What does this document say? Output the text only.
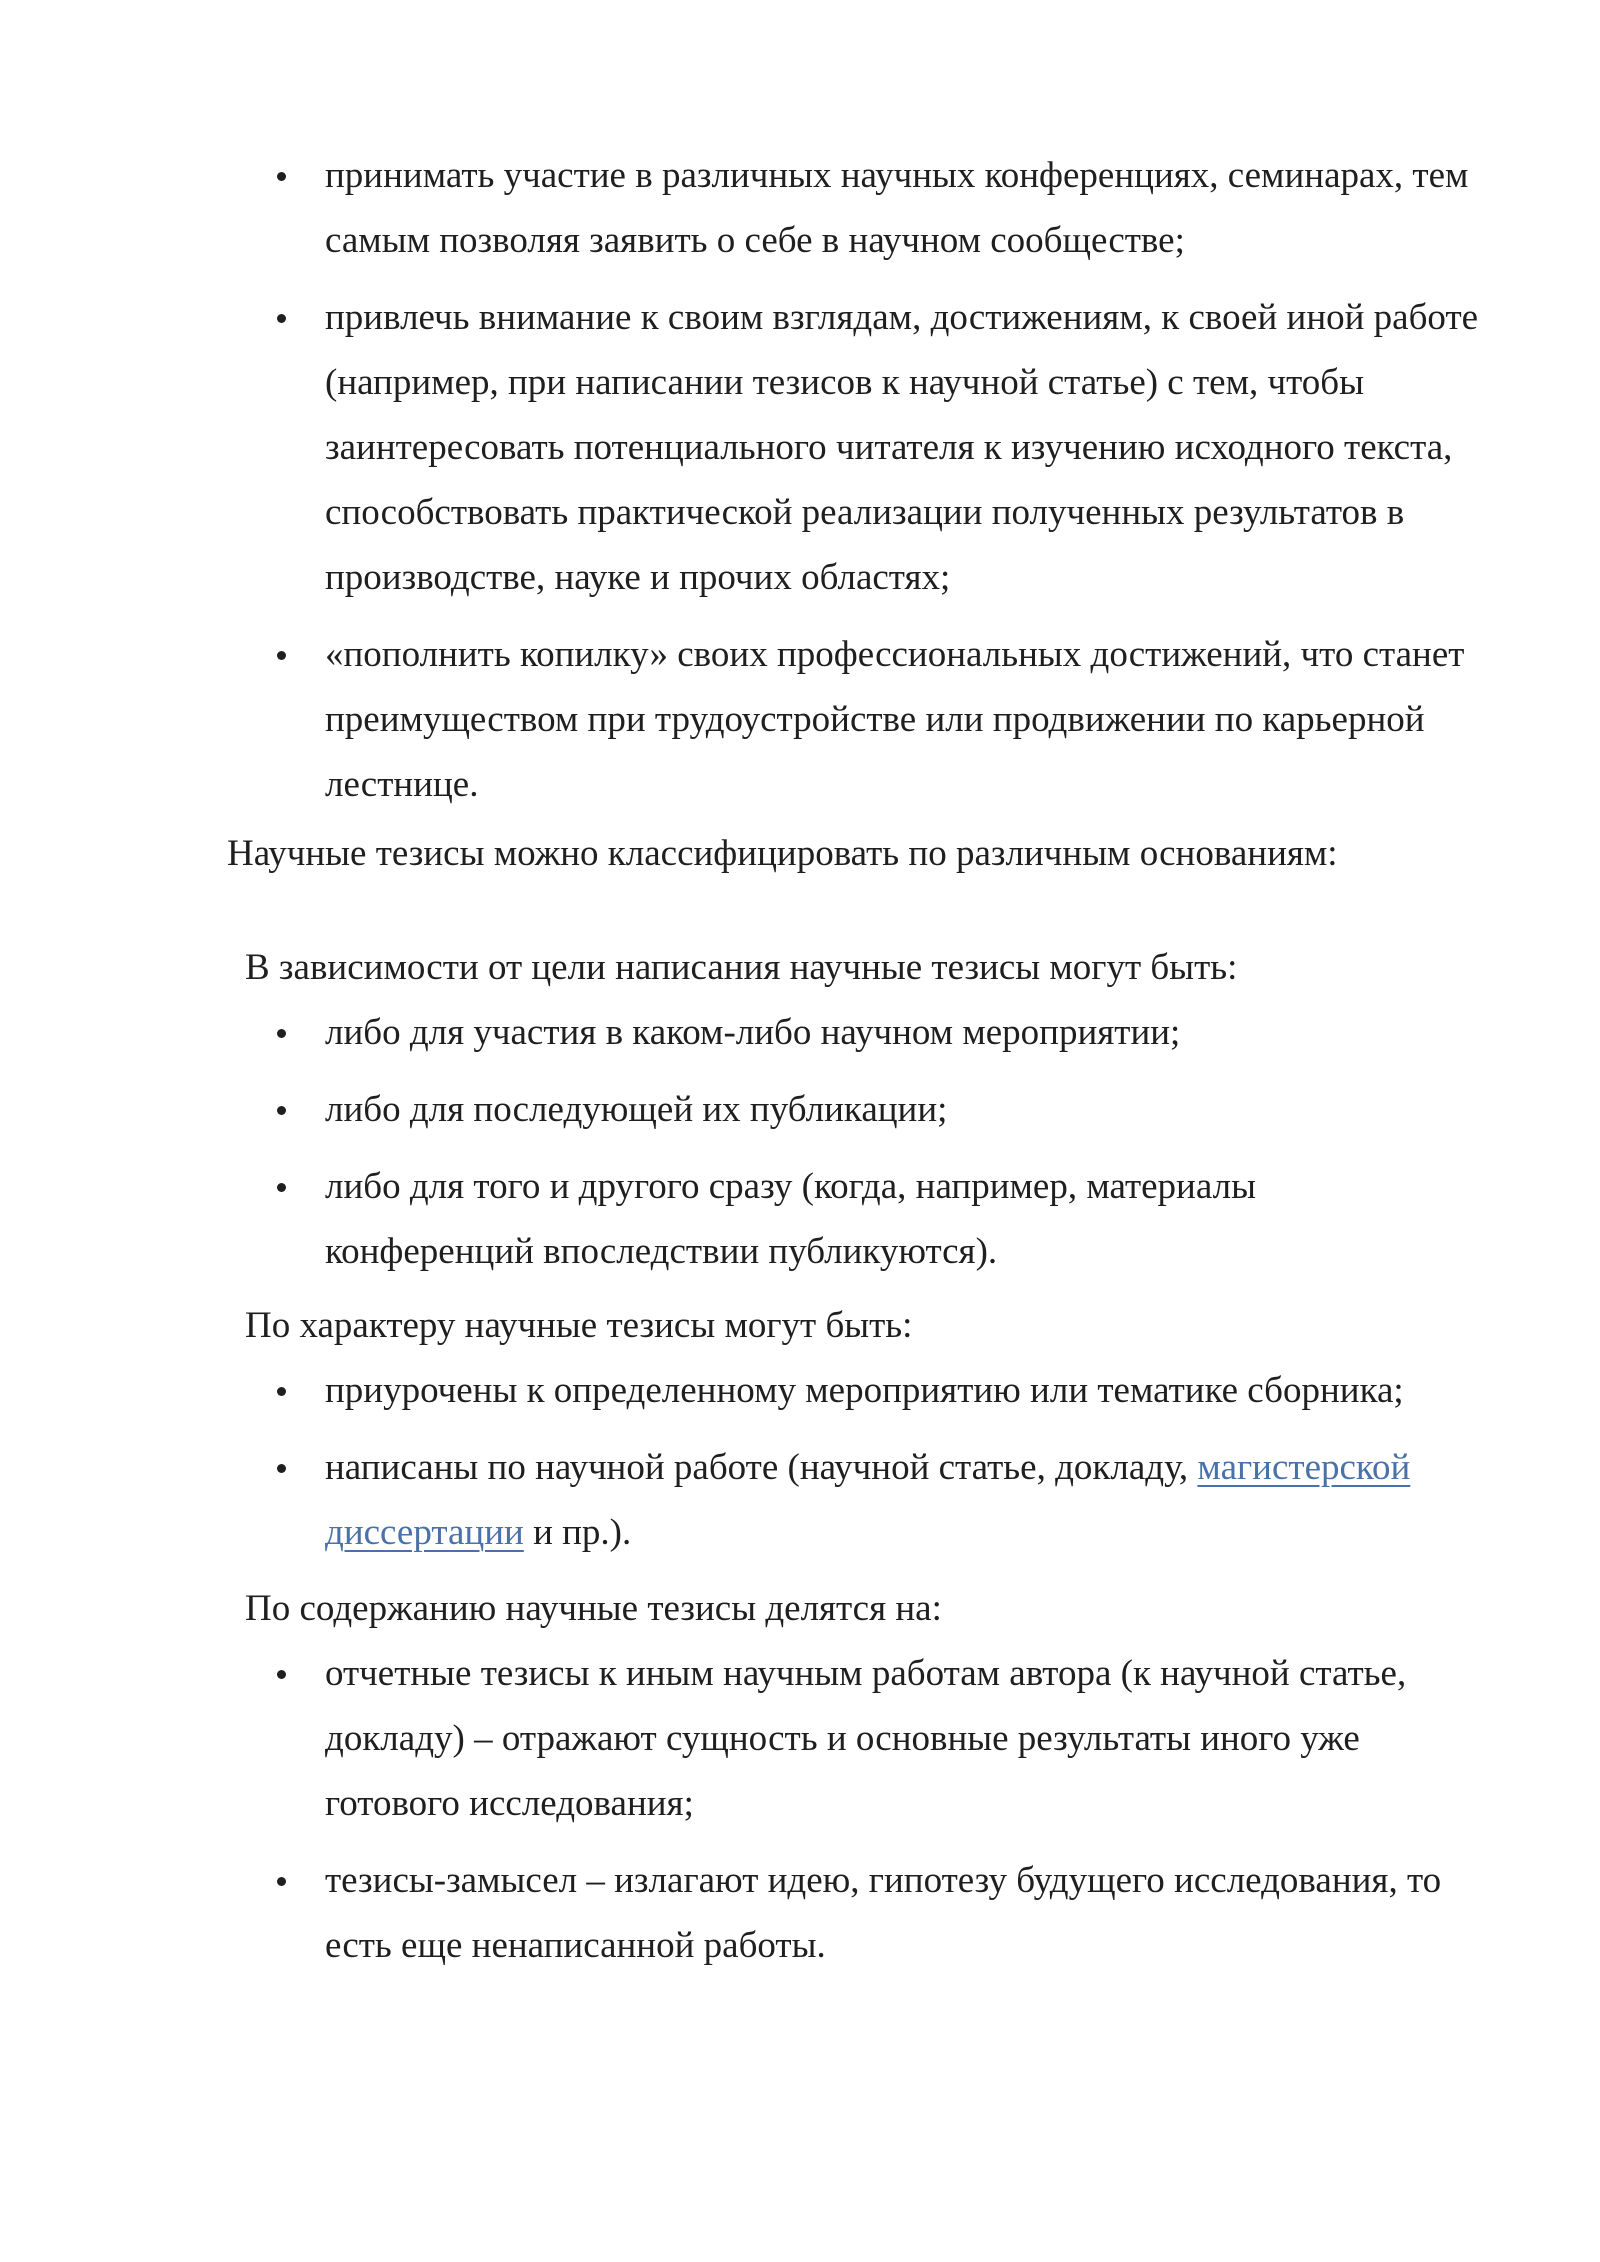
принимать участие в различных научных конференциях, семинарах, тем самым позволяя заявить о себе в научном сообществе;
привлечь внимание к своим взглядам, достижениям, к своей иной работе (например, при написании тезисов к научной статье) с тем, чтобы заинтересовать потенциального читателя к изучению исходного текста, способствовать практической реализации полученных результатов в производстве, науке и прочих областях;
«пополнить копилку» своих профессиональных достижений, что станет преимуществом при трудоустройстве или продвижении по карьерной лестнице.
Научные тезисы можно классифицировать по различным основаниям:
В зависимости от цели написания научные тезисы могут быть:
либо для участия в каком-либо научном мероприятии;
либо для последующей их публикации;
либо для того и другого сразу (когда, например, материалы конференций впоследствии публикуются).
По характеру научные тезисы могут быть:
приурочены к определенному мероприятию или тематике сборника;
написаны по научной работе (научной статье, докладу, магистерской диссертации и пр.).
По содержанию научные тезисы делятся на:
отчетные тезисы к иным научным работам автора (к научной статье, докладу) – отражают сущность и основные результаты иного уже готового исследования;
тезисы-замысел – излагают идею, гипотезу будущего исследования, то есть еще ненаписанной работы.
